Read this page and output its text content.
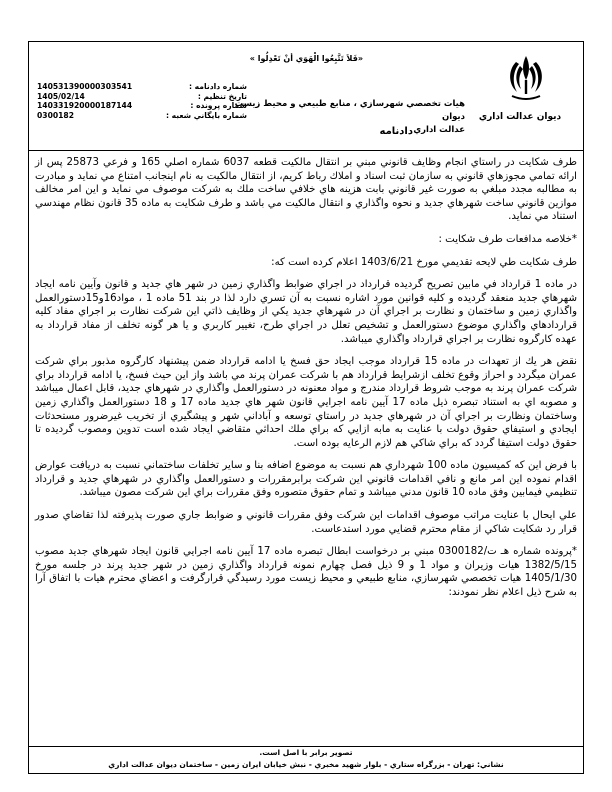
ديوان عدالت اداري
«فَلاَ تَتَّبِعُوا الْهَوَي أنْ تَعْدِلُوا »
هيات تخصصي شهرسازي ، منابع طبيعي و محيط زيست ديوان
عدالت اداري
دادنامه
140531390000303541	شماره دادنامه :
1405/02/14	تاريخ تنظيم :
140331920000187144	شماره پرونده :
0300182	شماره بايگاني شعبه :

طرف شكايت در راستاي انجام وظايف قانوني مبني بر انتقال مالكيت قطعه 6037 شماره اصلي 165 و فرعي 25873 پس از ارائه تمامي مجوزهاي قانوني به سازمان ثبت اسناد و املاك رباط كريم، از انتقال مالكيت به نام اينجانب امتناع مي نمايد و مبادرت به مطالبه مجدد مبلغي به صورت غير قانوني بابت هزينه هاي خلافي ساخت ملك به شركت موصوف مي نمايد و اين امر مخالف موازين قانوني ساخت شهرهاي جديد و نحوه واگذاري و انتقال مالكيت مي باشد و طرف شكايت به ماده 35 قانون نظام مهندسي استناد مي نمايد.

*خلاصه مدافعات طرف شكايت :

طرف شكايت طي لايحه تقديمي مورخ 1403/6/21 اعلام كرده است كه:

در ماده 1 قرارداد في مابين تصريح گرديده قرارداد در اجراي ضوابط واگذاري زمين در شهر هاي جديد و قانون وآيين نامه ايجاد شهرهاي جديد منعقد گرديده و كليه قوانين مورد اشاره نسبت به آن تسري دارد لذا در بند 51 ماده 1 ، مواد16و15دستورالعمل واگذاري زمين و ساختمان و نظارت بر اجراي آن در شهرهاي جديد يكي از وظايف ذاتي اين شركت نظارت بر اجراي مفاد كليه قراردادهاي واگذاري موضوع دستورالعمل و تشخيص تعلل در اجراي طرح، تغيير كاربري و يا هر گونه تخلف از مفاد قرارداد به عهده كارگروه نظارت بر اجراي قرارداد واگذاري ميباشد.

نقض هر يك از تعهدات در ماده 15 قرارداد موجب ايجاد حق فسخ يا ادامه قرارداد ضمن پيشنهاد كارگروه مذبور براي شركت عمران ميگردد و احراز وقوع تخلف ازشرايط قرارداد هم با شركت عمران پرند مي باشد واز اين حيث فسخ، يا ادامه قرارداد براي شركت عمران پرند به موجب شروط قرارداد مندرج و مواد معنونه در دستورالعمل واگذاري در شهرهاي جديد، قابل اعمال ميباشد و مصوبه اي به استناد تبصره ذيل ماده 17 آيين نامه اجرايي قانون شهر هاي جديد ماده 17 و 18 دستورالعمل واگذاري زمين وساختمان ونظارت بر اجراي آن در شهرهاي جديد در راستاي توسعه و آباداني شهر و پيشگيري از تخريب غيرضرور مستحدثات ايجادي و استيفاي حقوق دولت با عنايت به مابه ازايي كه براي ملك احداثي متقاضي ايجاد شده است تدوين ومصوب گرديده تا حقوق دولت استيفا گردد كه براي شاكي هم لازم الرعايه بوده است.

با فرض اين كه كميسيون ماده 100 شهرداري هم نسبت به موضوع اضافه بنا و ساير تخلفات ساختماني نسبت به دريافت عوارض اقدام نموده اين امر مانع و نافي اقدامات قانوني اين شركت برابرمقررات و دستورالعمل واگذاري در شهرهاي جديد و قرارداد تنظيمي فيمابين وفق ماده 10 قانون مدني ميباشد و تمام حقوق متصوره وفق مقررات براي اين شركت مصون ميباشد.

علي ايحال با عنايت مراتب موصوف اقدامات اين شركت وفق مقررات قانوني و ضوابط جاري صورت پذيرفته لذا تقاضاي صدور قرار رد شكايت شاكي از مقام محترم قضايي مورد استدعاست.

*پرونده شماره هـ ت/0300182 مبني بر درخواست ابطال تبصره ماده 17 آيين نامه اجرايي قانون ايجاد شهرهاي جديد مصوب 1382/5/15 هيات وزيران و مواد 1 و 9 ذيل فصل چهارم نمونه قرارداد واگذاري زمين در شهر جديد پرند در جلسه مورخ 1405/1/30 هيات تخصصي شهرسازي، منابع طبيعي و محيط زيست مورد رسيدگي قرارگرفت و اعضاي محترم هيات با اتفاق آرا به شرح ذيل اعلام نظر نمودند:

تصوير برابر با اصل است.
نشاني: تهران - بزرگراه ستاري - بلوار شهيد مخبري - نبش خيابان ايران زمين - ساختمان ديوان عدالت اداري
